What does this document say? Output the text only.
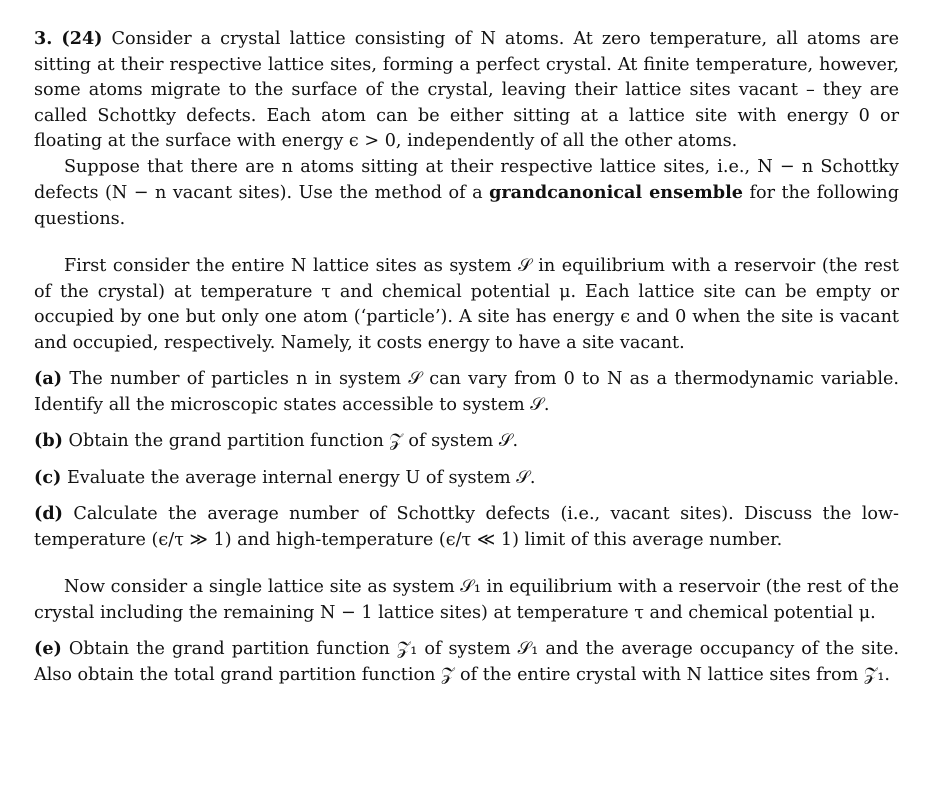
3. (24) Consider a crystal lattice consisting of N atoms. At zero temperature, all atoms are sitting at their respective lattice sites, forming a perfect crystal. At finite temperature, however, some atoms migrate to the surface of the crystal, leaving their lattice sites vacant – they are called Schottky defects. Each atom can be either sitting at a lattice site with energy 0 or floating at the surface with energy ϵ > 0, independently of all the other atoms.

Suppose that there are n atoms sitting at their respective lattice sites, i.e., N − n Schottky defects (N − n vacant sites). Use the method of a grandcanonical ensemble for the following questions.

First consider the entire N lattice sites as system 𝒮 in equilibrium with a reservoir (the rest of the crystal) at temperature τ and chemical potential μ. Each lattice site can be empty or occupied by one but only one atom (‘particle’). A site has energy ϵ and 0 when the site is vacant and occupied, respectively. Namely, it costs energy to have a site vacant.

(a) The number of particles n in system 𝒮 can vary from 0 to N as a thermodynamic variable. Identify all the microscopic states accessible to system 𝒮.

(b) Obtain the grand partition function 𝒵 of system 𝒮.

(c) Evaluate the average internal energy U of system 𝒮.

(d) Calculate the average number of Schottky defects (i.e., vacant sites). Discuss the low-temperature (ϵ/τ ≫ 1) and high-temperature (ϵ/τ ≪ 1) limit of this average number.

Now consider a single lattice site as system 𝒮₁ in equilibrium with a reservoir (the rest of the crystal including the remaining N − 1 lattice sites) at temperature τ and chemical potential μ.

(e) Obtain the grand partition function 𝒵₁ of system 𝒮₁ and the average occupancy of the site. Also obtain the total grand partition function 𝒵 of the entire crystal with N lattice sites from 𝒵₁.
